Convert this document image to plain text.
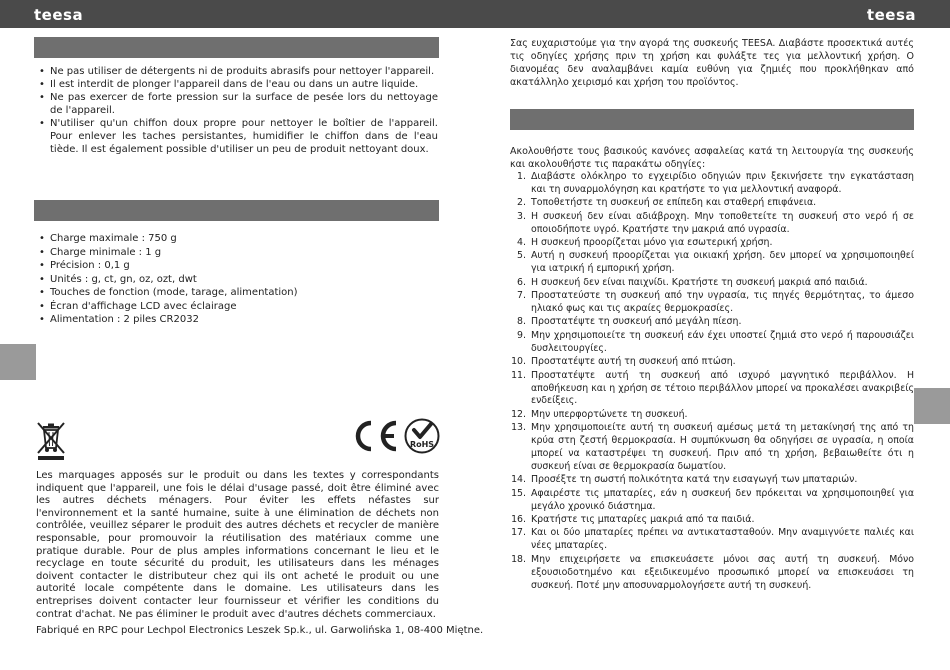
teesa	teesa
• Ne pas utiliser de détergents ni de produits abrasifs pour nettoyer l'appareil.
• Il est interdit de plonger l'appareil dans de l'eau ou dans un autre liquide.
• Ne pas exercer de forte pression sur la surface de pesée lors du nettoyage de l'appareil.
• N'utiliser qu'un chiffon doux propre pour nettoyer le boîtier de l'appareil. Pour enlever les taches persistantes, humidifier le chiffon dans de l'eau tiède. Il est également possible d'utiliser un peu de produit nettoyant doux.
• Charge maximale : 750 g
• Charge minimale : 1 g
• Précision : 0,1 g
• Unités : g, ct, gn, oz, ozt, dwt
• Touches de fonction (mode, tarage, alimentation)
• Écran d'affichage LCD avec éclairage
• Alimentation : 2 piles CR2032
RoHS
Les marquages apposés sur le produit ou dans les textes y correspondants indiquent que l'appareil, une fois le délai d'usage passé, doit être éliminé avec les autres déchets ménagers. Pour éviter les effets néfastes sur l'environnement et la santé humaine, suite à une élimination de déchets non contrôlée, veuillez séparer le produit des autres déchets et recycler de manière responsable, pour promouvoir la réutilisation des matériaux comme une pratique durable. Pour de plus amples informations concernant le lieu et le recyclage en toute sécurité du produit, les utilisateurs dans les ménages doivent contacter le distributeur chez qui ils ont acheté le produit ou une autorité locale compétente dans le domaine. Les utilisateurs dans les entreprises doivent contacter leur fournisseur et vérifier les conditions du contrat d'achat. Ne pas éliminer le produit avec d'autres déchets commerciaux.
Fabriqué en RPC pour Lechpol Electronics Leszek Sp.k., ul. Garwolińska 1, 08-400 Miętne.
Σας ευχαριστούμε για την αγορά της συσκευής TEESA. Διαβάστε προσεκτικά αυτές τις οδηγίες χρήσης πριν τη χρήση και φυλάξτε τες για μελλοντική χρήση. Ο διανομέας δεν αναλαμβάνει καμία ευθύνη για ζημιές που προκλήθηκαν από ακατάλληλο χειρισμό και χρήση του προϊόντος.
Ακολουθήστε τους βασικούς κανόνες ασφαλείας κατά τη λειτουργία της συσκευής και ακολουθήστε τις παρακάτω οδηγίες:
1. Διαβάστε ολόκληρο το εγχειρίδιο οδηγιών πριν ξεκινήσετε την εγκατάσταση και τη συναρμολόγηση και κρατήστε το για μελλοντική αναφορά.
2. Τοποθετήστε τη συσκευή σε επίπεδη και σταθερή επιφάνεια.
3. Η συσκευή δεν είναι αδιάβροχη. Μην τοποθετείτε τη συσκευή στο νερό ή σε οποιοδήποτε υγρό. Κρατήστε την μακριά από υγρασία.
4. Η συσκευή προορίζεται μόνο για εσωτερική χρήση.
5. Αυτή η συσκευή προορίζεται για οικιακή χρήση. δεν μπορεί να χρησιμοποιηθεί για ιατρική ή εμπορική χρήση.
6. Η συσκευή δεν είναι παιχνίδι. Κρατήστε τη συσκευή μακριά από παιδιά.
7. Προστατεύστε τη συσκευή από την υγρασία, τις πηγές θερμότητας, το άμεσο ηλιακό φως και τις ακραίες θερμοκρασίες.
8. Προστατέψτε τη συσκευή από μεγάλη πίεση.
9. Μην χρησιμοποιείτε τη συσκευή εάν έχει υποστεί ζημιά στο νερό ή παρουσιάζει δυσλειτουργίες.
10. Προστατέψτε αυτή τη συσκευή από πτώση.
11. Προστατέψτε αυτή τη συσκευή από ισχυρό μαγνητικό περιβάλλον. Η αποθήκευση και η χρήση σε τέτοιο περιβάλλον μπορεί να προκαλέσει ανακριβείς ενδείξεις.
12. Μην υπερφορτώνετε τη συσκευή.
13. Μην χρησιμοποιείτε αυτή τη συσκευή αμέσως μετά τη μετακίνησή της από τη κρύα στη ζεστή θερμοκρασία. Η συμπύκνωση θα οδηγήσει σε υγρασία, η οποία μπορεί να καταστρέψει τη συσκευή. Πριν από τη χρήση, βεβαιωθείτε ότι η συσκευή είναι σε θερμοκρασία δωματίου.
14. Προσέξτε τη σωστή πολικότητα κατά την εισαγωγή των μπαταριών.
15. Αφαιρέστε τις μπαταρίες, εάν η συσκευή δεν πρόκειται να χρησιμοποιηθεί για μεγάλο χρονικό διάστημα.
16. Κρατήστε τις μπαταρίες μακριά από τα παιδιά.
17. Και οι δύο μπαταρίες πρέπει να αντικατασταθούν. Μην αναμιγνύετε παλιές και νέες μπαταρίες.
18. Μην επιχειρήσετε να επισκευάσετε μόνοι σας αυτή τη συσκευή. Μόνο εξουσιοδοτημένο και εξειδικευμένο προσωπικό μπορεί να επισκευάσει τη συσκευή. Ποτέ μην αποσυναρμολογήσετε αυτή τη συσκευή.
